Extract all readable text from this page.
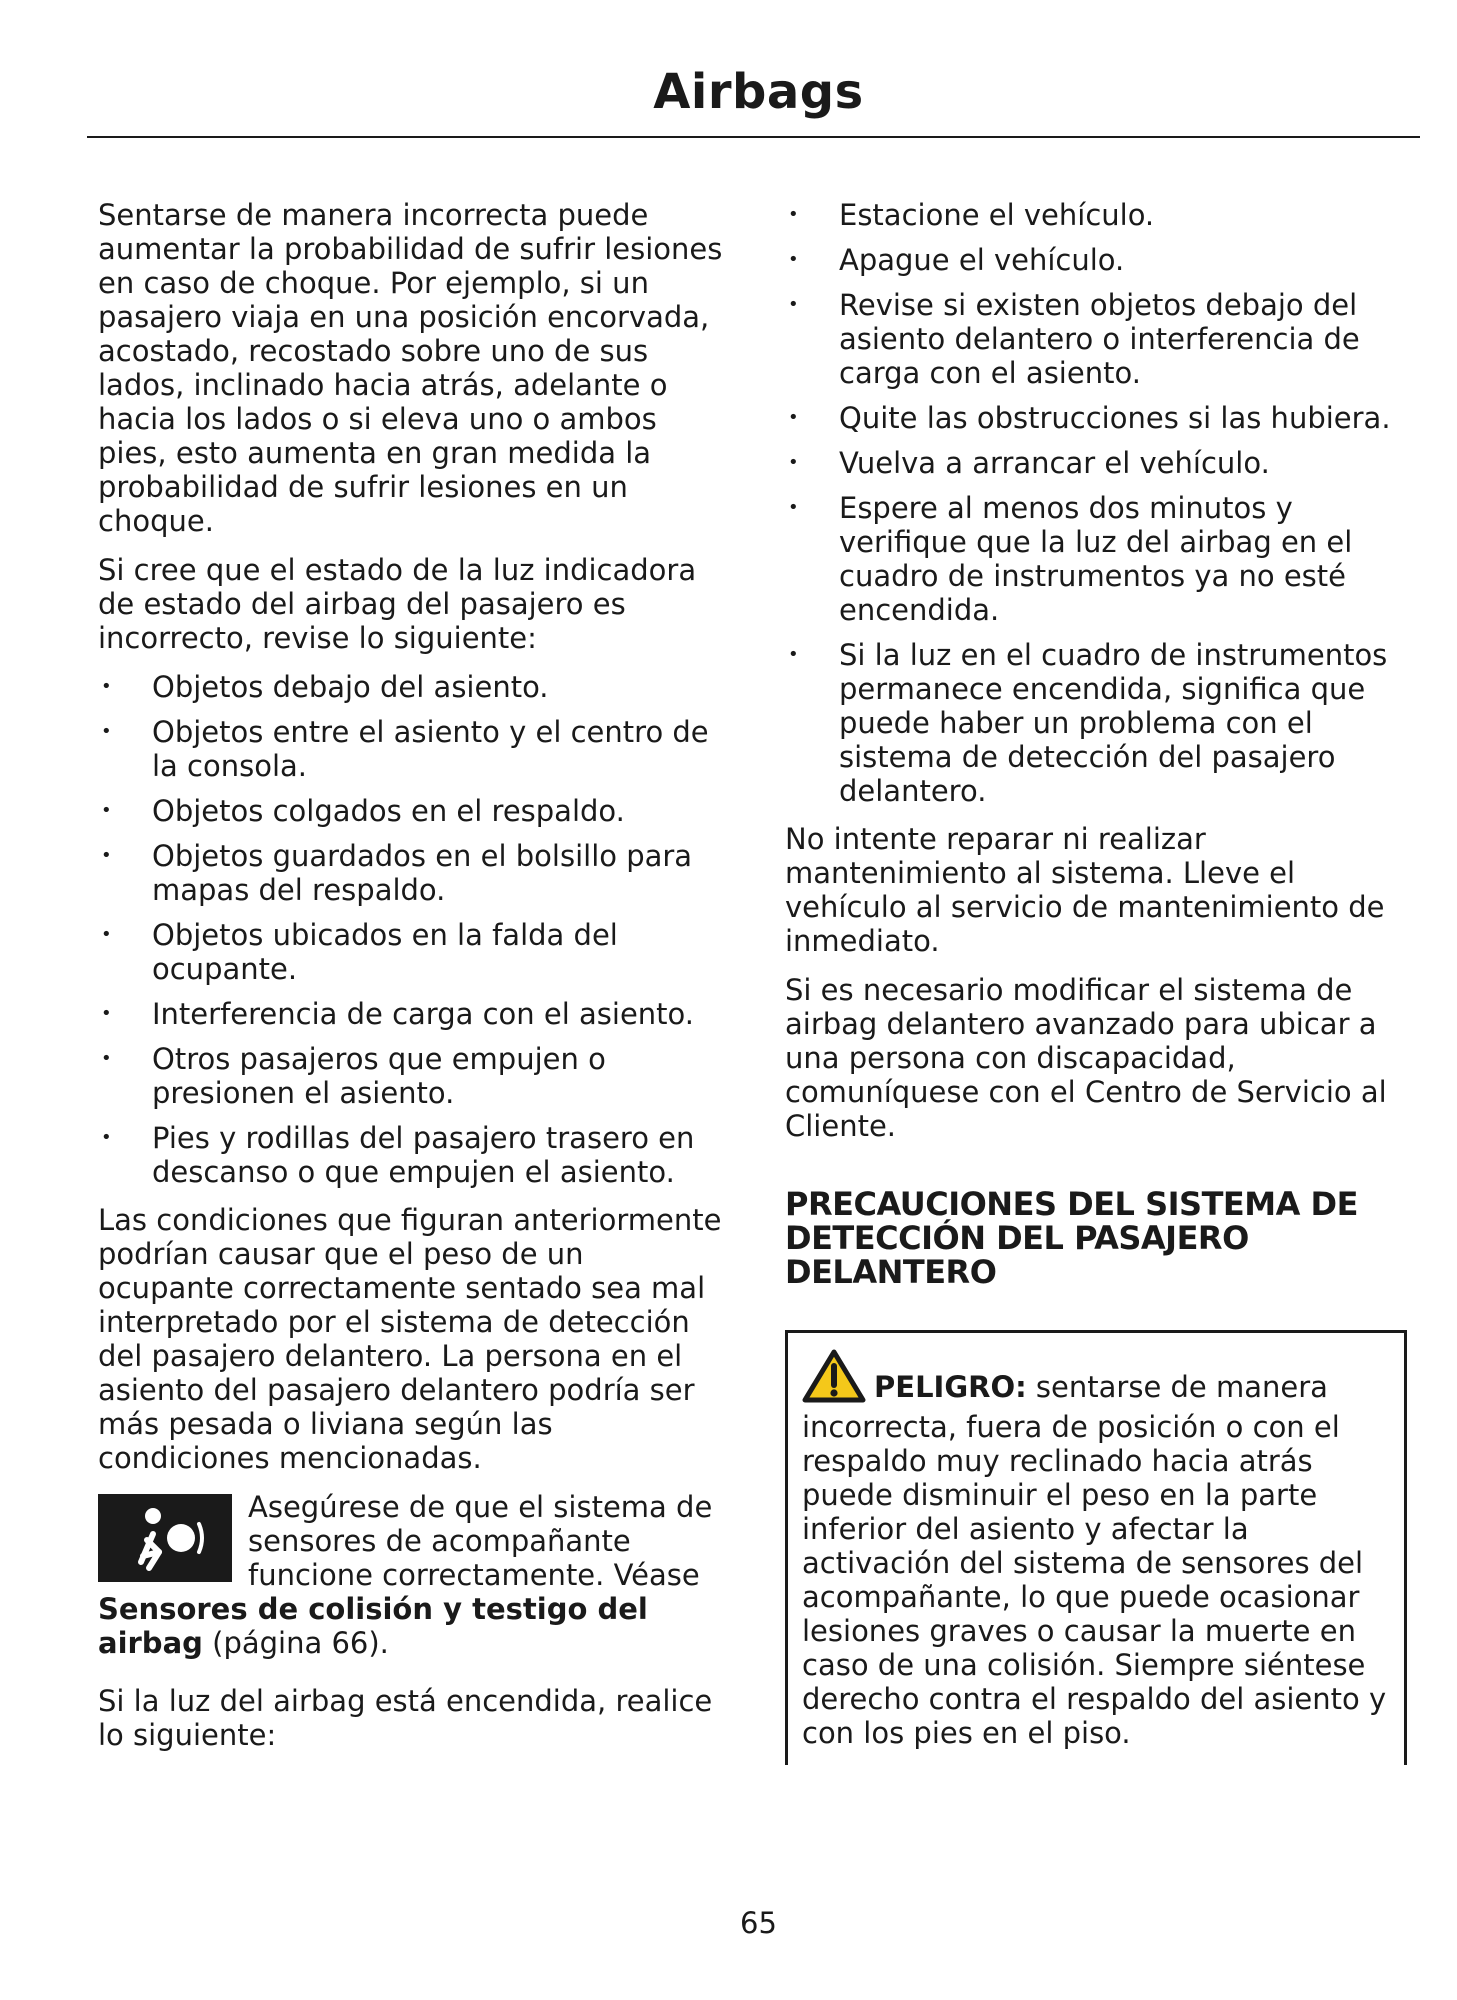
Airbags

Sentarse de manera incorrecta puede aumentar la probabilidad de sufrir lesiones en caso de choque. Por ejemplo, si un pasajero viaja en una posición encorvada, acostado, recostado sobre uno de sus lados, inclinado hacia atrás, adelante o hacia los lados o si eleva uno o ambos pies, esto aumenta en gran medida la probabilidad de sufrir lesiones en un choque.

Si cree que el estado de la luz indicadora de estado del airbag del pasajero es incorrecto, revise lo siguiente:

• Objetos debajo del asiento.
• Objetos entre el asiento y el centro de la consola.
• Objetos colgados en el respaldo.
• Objetos guardados en el bolsillo para mapas del respaldo.
• Objetos ubicados en la falda del ocupante.
• Interferencia de carga con el asiento.
• Otros pasajeros que empujen o presionen el asiento.
• Pies y rodillas del pasajero trasero en descanso o que empujen el asiento.

Las condiciones que figuran anteriormente podrían causar que el peso de un ocupante correctamente sentado sea mal interpretado por el sistema de detección del pasajero delantero. La persona en el asiento del pasajero delantero podría ser más pesada o liviana según las condiciones mencionadas.

Asegúrese de que el sistema de sensores de acompañante funcione correctamente. Véase Sensores de colisión y testigo del airbag (página 66).

Si la luz del airbag está encendida, realice lo siguiente:

• Estacione el vehículo.
• Apague el vehículo.
• Revise si existen objetos debajo del asiento delantero o interferencia de carga con el asiento.
• Quite las obstrucciones si las hubiera.
• Vuelva a arrancar el vehículo.
• Espere al menos dos minutos y verifique que la luz del airbag en el cuadro de instrumentos ya no esté encendida.
• Si la luz en el cuadro de instrumentos permanece encendida, significa que puede haber un problema con el sistema de detección del pasajero delantero.

No intente reparar ni realizar mantenimiento al sistema. Lleve el vehículo al servicio de mantenimiento de inmediato.

Si es necesario modificar el sistema de airbag delantero avanzado para ubicar a una persona con discapacidad, comuníquese con el Centro de Servicio al Cliente.

PRECAUCIONES DEL SISTEMA DE
DETECCIÓN DEL PASAJERO
DELANTERO

PELIGRO: sentarse de manera incorrecta, fuera de posición o con el respaldo muy reclinado hacia atrás puede disminuir el peso en la parte inferior del asiento y afectar la activación del sistema de sensores del acompañante, lo que puede ocasionar lesiones graves o causar la muerte en caso de una colisión. Siempre siéntese derecho contra el respaldo del asiento y con los pies en el piso.

65
